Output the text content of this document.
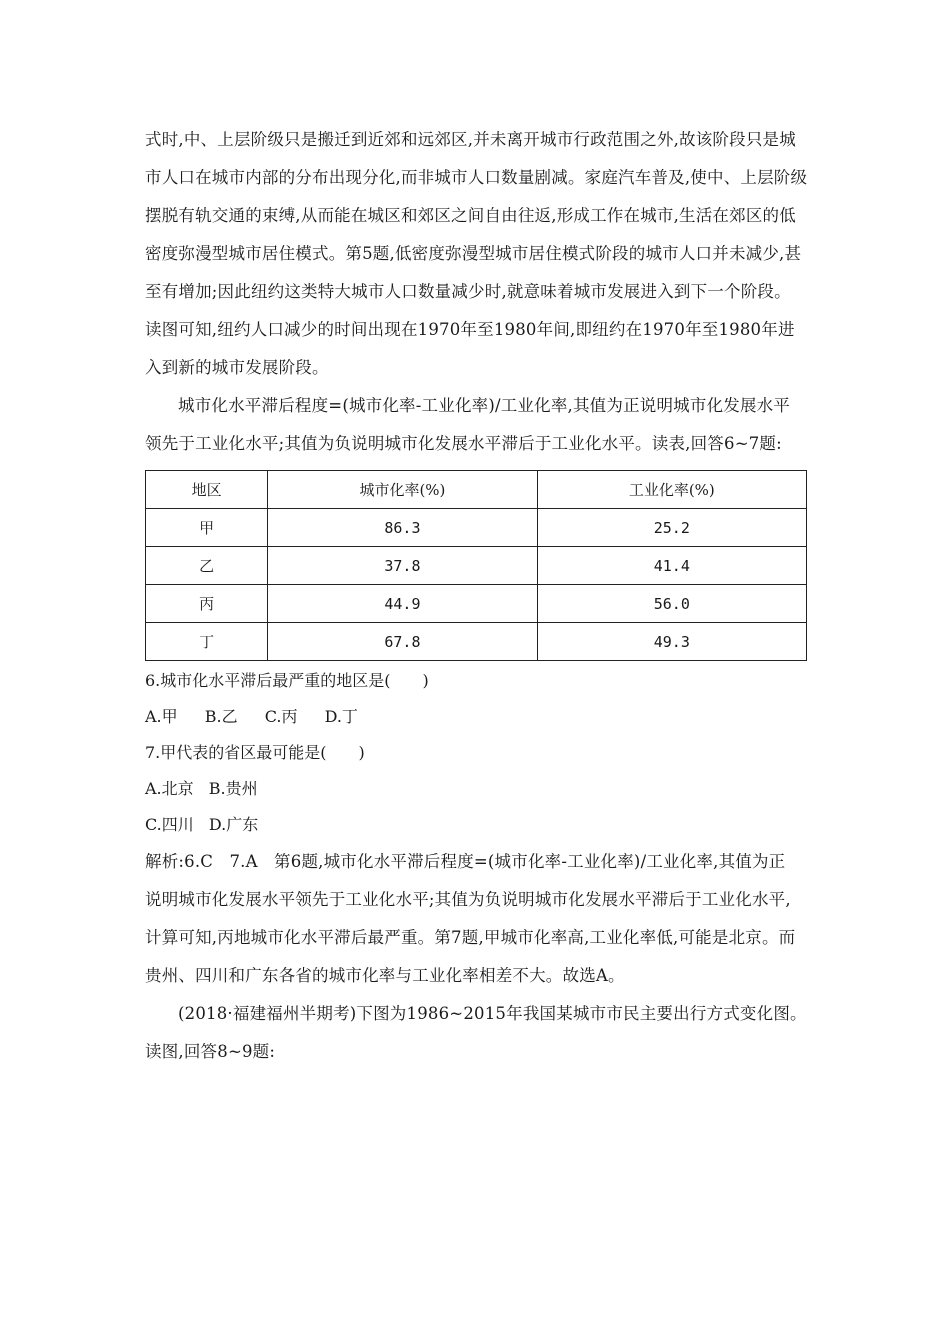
式时,中、上层阶级只是搬迁到近郊和远郊区,并未离开城市行政范围之外,故该阶段只是城
市人口在城市内部的分布出现分化,而非城市人口数量剧减。家庭汽车普及,使中、上层阶级
摆脱有轨交通的束缚,从而能在城区和郊区之间自由往返,形成工作在城市,生活在郊区的低
密度弥漫型城市居住模式。第5题,低密度弥漫型城市居住模式阶段的城市人口并未减少,甚
至有增加;因此纽约这类特大城市人口数量减少时,就意味着城市发展进入到下一个阶段。
读图可知,纽约人口减少的时间出现在1970年至1980年间,即纽约在1970年至1980年进
入到新的城市发展阶段。

城市化水平滞后程度=(城市化率-工业化率)/工业化率,其值为正说明城市化发展水平
领先于工业化水平;其值为负说明城市化发展水平滞后于工业化水平。读表,回答6~7题:

地区	城市化率(%)	工业化率(%)
甲	86.3	25.2
乙	37.8	41.4
丙	44.9	56.0
丁	67.8	49.3

6.城市化水平滞后最严重的地区是(　　)

A.甲 B.乙 C.丙 D.丁

7.甲代表的省区最可能是(　　)

A.北京 B.贵州

C.四川 D.广东

解析:6.C   7.A   第6题,城市化水平滞后程度=(城市化率-工业化率)/工业化率,其值为正
说明城市化发展水平领先于工业化水平;其值为负说明城市化发展水平滞后于工业化水平,
计算可知,丙地城市化水平滞后最严重。第7题,甲城市化率高,工业化率低,可能是北京。而
贵州、四川和广东各省的城市化率与工业化率相差不大。故选A。

(2018·福建福州半期考)下图为1986~2015年我国某城市市民主要出行方式变化图。
读图,回答8~9题:
